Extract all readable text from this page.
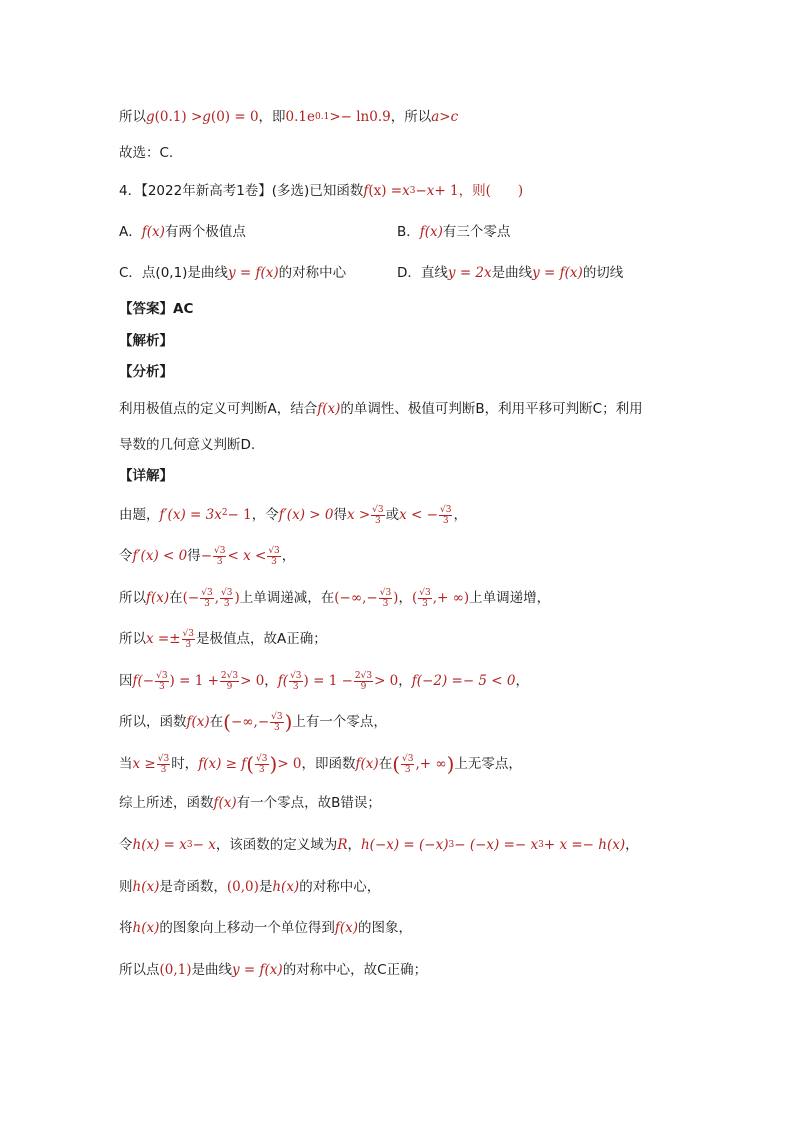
所以 g (0.1) > g (0) = 0 ，即 0.1e 0.1 >− ln0.9 ，所以 a > c
故选：C.
4．【2022年新高考1卷】(多选)已知函数 f (x) = x 3 − x + 1，则(　　)
A．f(x)有两个极值点	B．f(x)有三个零点
C．点(0,1)是曲线y = f(x)的对称中心	D．直线y = 2x是曲线y = f(x)的切线
【答案】AC
【解析】
【分析】
利用极值点的定义可判断A，结合 f(x) 的单调性、极值可判断B，利用平移可判断C；利用
导数的几何意义判断D.
【详解】
由题， f′(x) = 3x 2 − 1 ，令 f′(x) > 0 得 $x > \frac{√3}{3}$ 或 x < − $\frac{√3}{3}$ ，
令 f′(x) < 0 得 − $\frac{√3}{3} < x < \frac{√3}{3}$ ，
所以 f(x) 在 (− $\frac{√3}{3}$ , $\frac{√3}{3}$ ) 上单调递减，在 (−∞,− $\frac{√3}{3}$ ) ， ( $\frac{√3}{3}$ ,+ ∞) 上单调递增，
所以 $x =\pm \frac{√3}{3}$ 是极值点，故A正确；
因 $f(- \frac{√3}{3}$ ) = $1 + \frac{2√3}{9} > 0$ ， $f( \frac{√3}{3}$ ) = $1 - \frac{2√3}{9} > 0$ ， f(−2) =− 5 < 0 ，
所以，函数 f(x) 在 ( −∞,− $\frac{√3}{3}$ ) 上有一个零点，
当 $x \ge \frac{√3}{3}$ 时， f(x) ≥ f ( $\frac{√3}{3}$ ) > 0 ，即函数 f(x) 在 ( $\frac{√3}{3}$ ,+ ∞ ) 上无零点，
综上所述，函数 f(x) 有一个零点，故B错误；
令 h(x) = x 3 − x ，该函数的定义域为 R ， h(−x) = (−x) 3 − (−x) =− x 3 + x =− h(x) ，
则 h(x) 是奇函数， (0,0) 是 h(x) 的对称中心，
将 h(x) 的图象向上移动一个单位得到 f(x) 的图象，
所以点 (0,1) 是曲线 y = f(x) 的对称中心，故C正确；
